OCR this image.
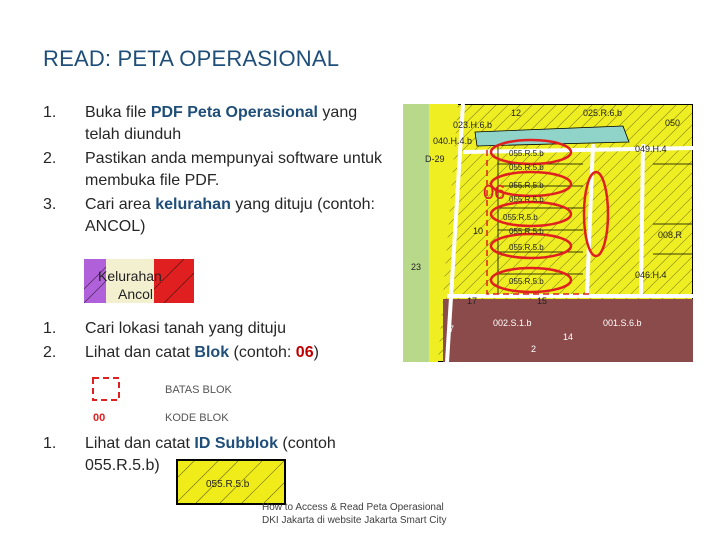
READ: PETA OPERASIONAL
1.	Buka file PDF Peta Operasional yang telah diunduh
2.	Pastikan anda mempunyai software untuk membuka file PDF.
3.	Cari area kelurahan yang dituju (contoh: ANCOL)
Kelurahan
Ancol
1.	Cari lokasi tanah yang dituju
2.	Lihat dan catat Blok (contoh: 06)
BATAS BLOK
00	KODE BLOK
1.	Lihat dan catat ID Subblok (contoh 055.R.5.b)
055.R.5.b
06
040.H.4.b
D-29
055.R.5.b
055.R.5.b
055.R.5.b
055.R.5.b
055.R.5.b
055.R.5.b
055.R.5.b
055.R.5.b
025.R.6.b
049.H.4
008.R
001.S.6.b
002.S.1.b
023.H.6.b
046.H.4
050
12
17
10
15
14
23
7
2
How to Access & Read Peta Operasional
DKI Jakarta di website Jakarta Smart City
